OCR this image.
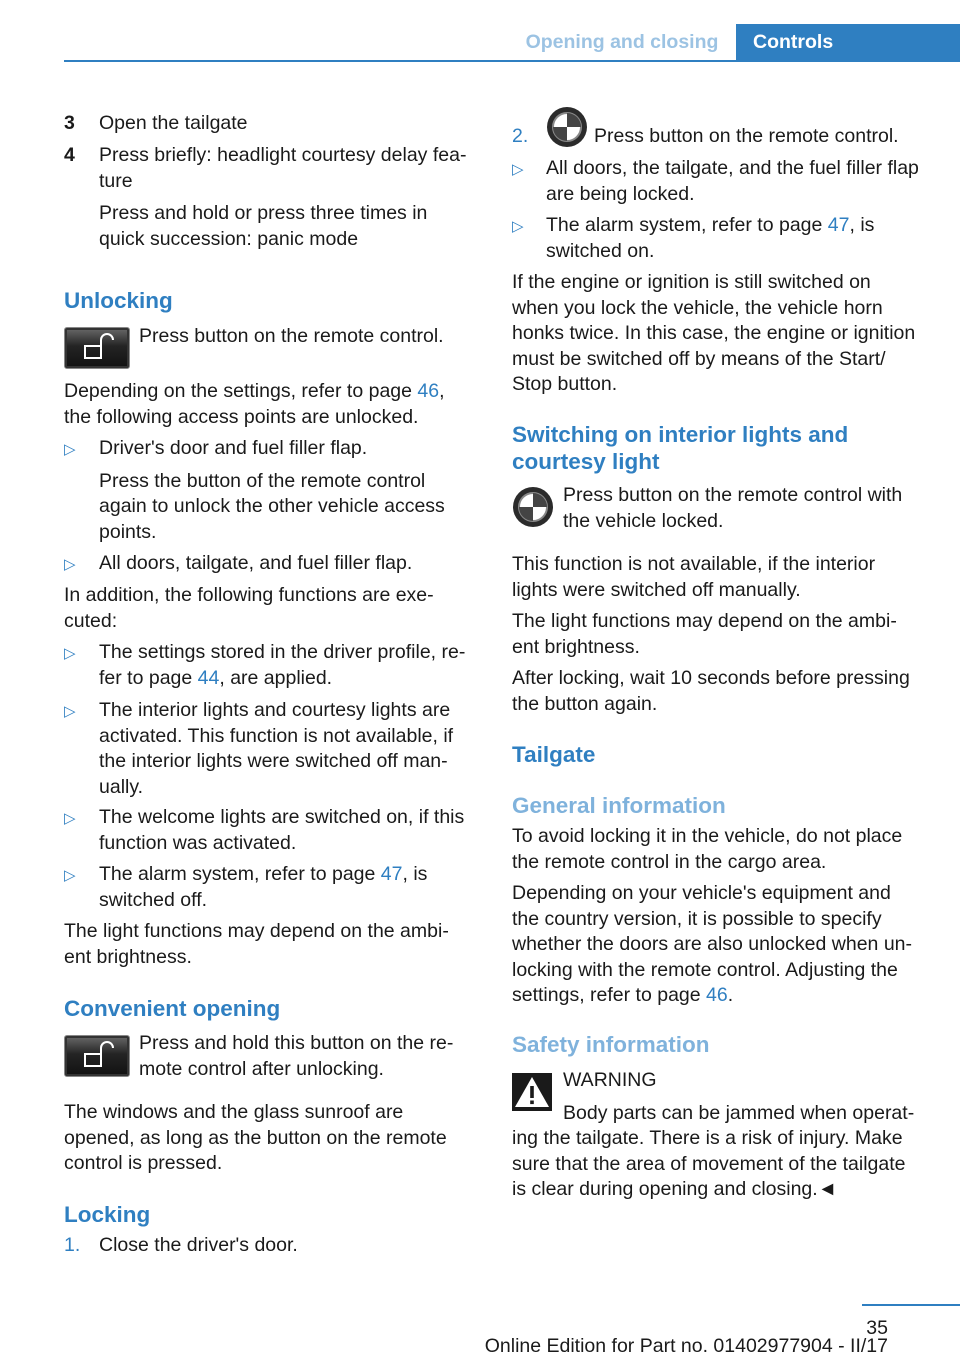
Opening and closing	Controls
3 Open the tailgate
4 Press briefly: headlight courtesy delay fea-

ture

Press and hold or press three times in

quick succession: panic mode

Unlocking
Press button on the remote control.

Depending on the settings, refer to page 46,

the following access points are unlocked.

▷ Driver's door and fuel filler flap.

Press the button of the remote control

again to unlock the other vehicle access

points.

▷ All doors, tailgate, and fuel filler flap.

In addition, the following functions are exe-

cuted:

▷ The settings stored in the driver profile, re-

fer to page 44, are applied.

▷ The interior lights and courtesy lights are

activated. This function is not available, if

the interior lights were switched off man-

ually.

▷ The welcome lights are switched on, if this

function was activated.

▷ The alarm system, refer to page 47, is

switched off.

The light functions may depend on the ambi-

ent brightness.

Convenient opening

Press and hold this button on the re-

mote control after unlocking.

The windows and the glass sunroof are

opened, as long as the button on the remote

control is pressed.

Locking
1. Close the driver's door.
2.	Press button on the remote control.
▷ All doors, the tailgate, and the fuel filler flap

are being locked.

▷ The alarm system, refer to page 47, is

switched on.

If the engine or ignition is still switched on

when you lock the vehicle, the vehicle horn

honks twice. In this case, the engine or ignition

must be switched off by means of the Start/

Stop button.

Switching on interior lights and

courtesy light

Press button on the remote control with

the vehicle locked.

This function is not available, if the interior

lights were switched off manually.

The light functions may depend on the ambi-

ent brightness.

After locking, wait 10 seconds before pressing

the button again.

Tailgate
General information

To avoid locking it in the vehicle, do not place

the remote control in the cargo area.

Depending on your vehicle's equipment and

the country version, it is possible to specify

whether the doors are also unlocked when un-

locking with the remote control. Adjusting the

settings, refer to page 46.

Safety information
WARNING
Body parts can be jammed when operat-

ing the tailgate. There is a risk of injury. Make

sure that the area of movement of the tailgate

is clear during opening and closing.◄

35
Online Edition for Part no. 01402977904 - II/17
